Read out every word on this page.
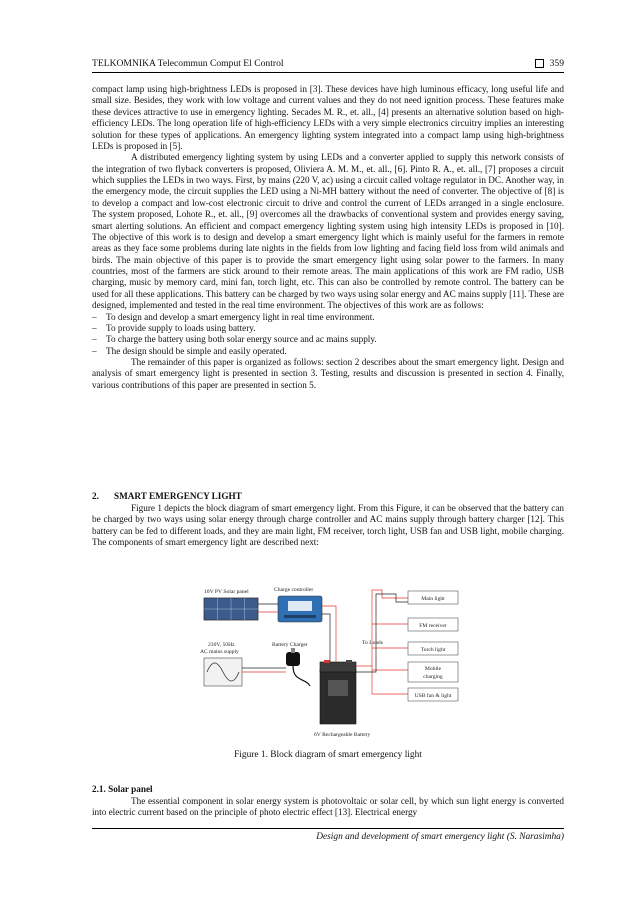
TELKOMNIKA Telecommun Comput El Control	359

compact lamp using high-brightness LEDs is proposed in [3]. These devices have high luminous efficacy, long useful life and small size. Besides, they work with low voltage and current values and they do not need ignition process. These features make these devices attractive to use in emergency lighting. Secades M. R., et. all., [4] presents an alternative solution based on high-efficiency LEDs. The long operation life of high-efficiency LEDs with a very simple electronics circuitry implies an interesting solution for these types of applications. An emergency lighting system integrated into a compact lamp using high-brightness LEDs is proposed in [5].

A distributed emergency lighting system by using LEDs and a converter applied to supply this network consists of the integration of two flyback converters is proposed, Oliviera A. M. M., et. all., [6]. Pinto R. A., et. all., [7] proposes a circuit which supplies the LEDs in two ways. First, by mains (220 V, ac) using a circuit called voltage regulator in DC. Another way, in the emergency mode, the circuit supplies the LED using a Ni-MH battery without the need of converter. The objective of [8] is to develop a compact and low-cost electronic circuit to drive and control the current of LEDs arranged in a single enclosure. The system proposed, Lohote R., et. all., [9] overcomes all the drawbacks of conventional system and provides energy saving, smart alerting solutions. An efficient and compact emergency lighting system using high intensity LEDs is proposed in [10]. The objective of this work is to design and develop a smart emergency light which is mainly useful for the farmers in remote areas as they face some problems during late nights in the fields from low lighting and facing field loss from wild animals and birds. The main objective of this paper is to provide the smart emergency light using solar power to the farmers. In many countries, most of the farmers are stick around to their remote areas. The main applications of this work are FM radio, USB charging, music by memory card, mini fan, torch light, etc. This can also be controlled by remote control. The battery can be used for all these applications. This battery can be charged by two ways using solar energy and AC mains supply [11]. These are designed, implemented and tested in the real time environment. The objectives of this work are as follows:

–	To design and develop a smart emergency light in real time environment.
–	To provide supply to loads using battery.
–	To charge the battery using both solar energy source and ac mains supply.
–	The design should be simple and easily operated.

The remainder of this paper is organized as follows: section 2 describes about the smart emergency light. Design and analysis of smart emergency light is presented in section 3. Testing, results and discussion is presented in section 4. Finally, various contributions of this paper are presented in section 5.

2. SMART EMERGENCY LIGHT

Figure 1 depicts the block diagram of smart emergency light. From this Figure, it can be observed that the battery can be charged by two ways using solar energy through charge controller and AC mains supply through battery charger [12]. This battery can be fed to different loads, and they are main light, FM receiver, torch light, USB fan and USB light, mobile charging. The components of smart emergency light are described next:

10V PV Solar panel	Charge controller
230V, 50Hz
AC mains supply
Battery Charger	To Loads
6V Rechargeable Battery
Main light
FM receiver
Torch light
Mobile
charging
USB fan & light
Figure 1. Block diagram of smart emergency light
2.1. Solar panel

The essential component in solar energy system is photovoltaic or solar cell, by which sun light energy is converted into electric current based on the principle of photo electric effect [13]. Electrical energy

Design and development of smart emergency light (S. Narasimha)
